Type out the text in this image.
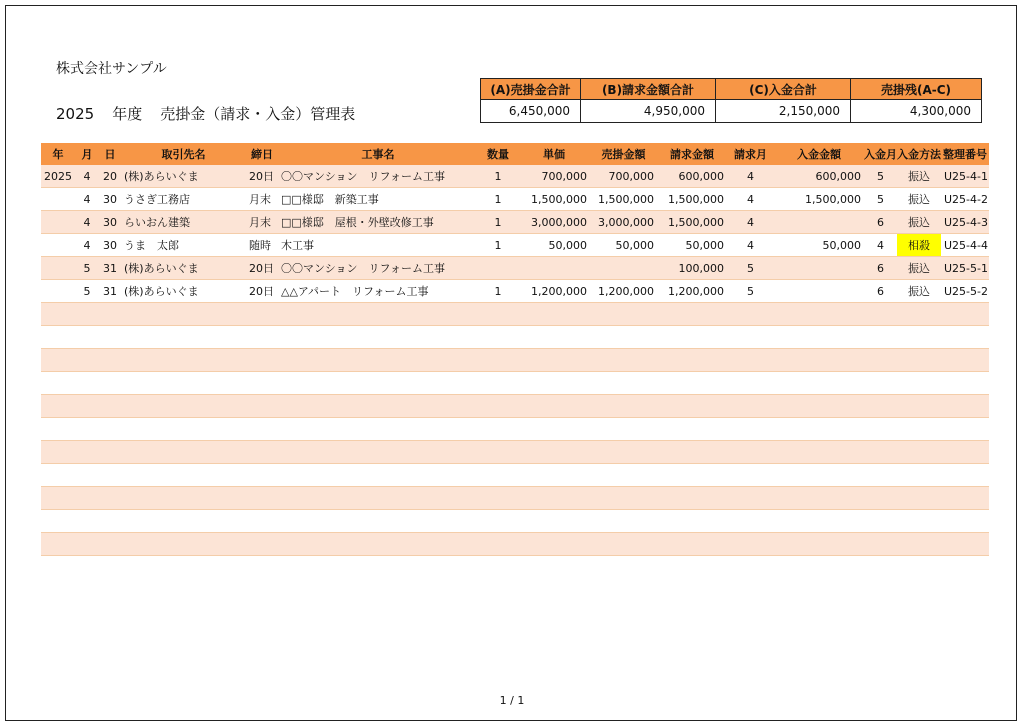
株式会社サンプル
2025 年度 売掛金（請求・入金）管理表
(A)売掛金合計	(B)請求金額合計	(C)入金合計	売掛残(A-C)
6,450,000	4,950,000	2,150,000	4,300,000
年	月	日	取引先名	締日	工事名	数量	単価	売掛金額	請求金額	請求月	入金金額	入金月	入金方法	整理番号
2025	4	20	(株)あらいぐま	20日	〇〇マンション　リフォーム工事	1	700,000	700,000	600,000	4	600,000	5	振込	U25-4-1
	4	30	うさぎ工務店	月末	□□様邸　新築工事	1	1,500,000	1,500,000	1,500,000	4	1,500,000	5	振込	U25-4-2
	4	30	らいおん建築	月末	□□様邸　屋根・外壁改修工事	1	3,000,000	3,000,000	1,500,000	4		6	振込	U25-4-3
	4	30	うま　太郎	随時	木工事	1	50,000	50,000	50,000	4	50,000	4	相殺	U25-4-4
	5	31	(株)あらいぐま	20日	〇〇マンション　リフォーム工事				100,000	5		6	振込	U25-5-1
	5	31	(株)あらいぐま	20日	△△アパート　リフォーム工事	1	1,200,000	1,200,000	1,200,000	5		6	振込	U25-5-2

1 / 1
